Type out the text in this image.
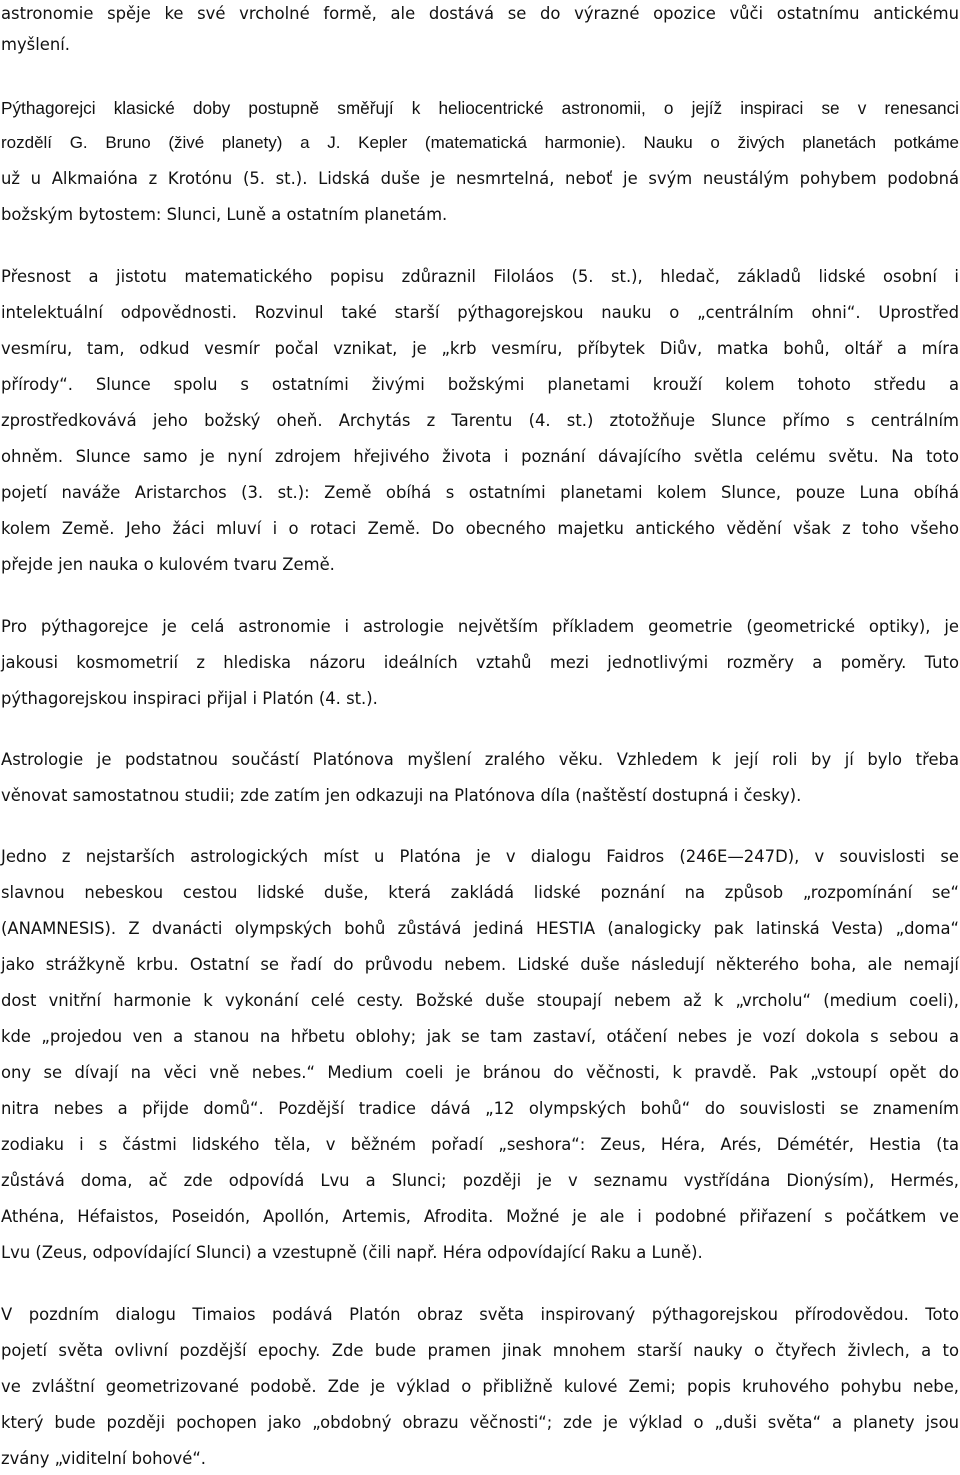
astronomie spěje ke své vrcholné formě, ale dostává se do výrazné opozice vůči ostatnímu antickému
myšlení.
Pýthagorejci klasické doby postupně směřují k heliocentrické astronomii, o jejíž inspiraci se v renesanci
rozdělí G. Bruno (živé planety) a J. Kepler (matematická harmonie). Nauku o živých planetách potkáme
už u Alkmaióna z Krotónu (5. st.). Lidská duše je nesmrtelná, neboť je svým neustálým pohybem podobná
božským bytostem: Slunci, Luně a ostatním planetám.
Přesnost a jistotu matematického popisu zdůraznil Filoláos (5. st.), hledač, základů lidské osobní i
intelektuální odpovědnosti. Rozvinul také starší pýthagorejskou nauku o „centrálním ohni“. Uprostřed
vesmíru, tam, odkud vesmír počal vznikat, je „krb vesmíru, příbytek Diův, matka bohů, oltář a míra
přírody“. Slunce spolu s ostatními živými božskými planetami krouží kolem tohoto středu a
zprostředkovává jeho božský oheň. Archytás z Tarentu (4. st.) ztotožňuje Slunce přímo s centrálním
ohněm. Slunce samo je nyní zdrojem hřejivého života i poznání dávajícího světla celému světu. Na toto
pojetí naváže Aristarchos (3. st.): Země obíhá s ostatními planetami kolem Slunce, pouze Luna obíhá
kolem Země. Jeho žáci mluví i o rotaci Země. Do obecného majetku antického vědění však z toho všeho
přejde jen nauka o kulovém tvaru Země.
Pro pýthagorejce je celá astronomie i astrologie největším příkladem geometrie (geometrické optiky), je
jakousi kosmometrií z hlediska názoru ideálních vztahů mezi jednotlivými rozměry a poměry. Tuto
pýthagorejskou inspiraci přijal i Platón (4. st.).
Astrologie je podstatnou součástí Platónova myšlení zralého věku. Vzhledem k její roli by jí bylo třeba
věnovat samostatnou studii; zde zatím jen odkazuji na Platónova díla (naštěstí dostupná i česky).
Jedno z nejstarších astrologických míst u Platóna je v dialogu Faidros (246E—247D), v souvislosti se
slavnou nebeskou cestou lidské duše, která zakládá lidské poznání na způsob „rozpomínání se“
(ANAMNESIS). Z dvanácti olympských bohů zůstává jediná HESTIA (analogicky pak latinská Vesta) „doma“
jako strážkyně krbu. Ostatní se řadí do průvodu nebem. Lidské duše následují některého boha, ale nemají
dost vnitřní harmonie k vykonání celé cesty. Božské duše stoupají nebem až k „vrcholu“ (medium coeli),
kde „projedou ven a stanou na hřbetu oblohy; jak se tam zastaví, otáčení nebes je vozí dokola s sebou a
ony se dívají na věci vně nebes.“ Medium coeli je bránou do věčnosti, k pravdě. Pak „vstoupí opět do
nitra nebes a přijde domů“. Pozdější tradice dává „12 olympských bohů“ do souvislosti se znamením
zodiaku i s částmi lidského těla, v běžném pořadí „seshora“: Zeus, Héra, Arés, Démétér, Hestia (ta
zůstává doma, ač zde odpovídá Lvu a Slunci; později je v seznamu vystřídána Dionýsím), Hermés,
Athéna, Héfaistos, Poseidón, Apollón, Artemis, Afrodita. Možné je ale i podobné přiřazení s počátkem ve
Lvu (Zeus, odpovídající Slunci) a vzestupně (čili např. Héra odpovídající Raku a Luně).
V pozdním dialogu Timaios podává Platón obraz světa inspirovaný pýthagorejskou přírodovědou. Toto
pojetí světa ovlivní pozdější epochy. Zde bude pramen jinak mnohem starší nauky o čtyřech živlech, a to
ve zvláštní geometrizované podobě. Zde je výklad o přibližně kulové Zemi; popis kruhového pohybu nebe,
který bude později pochopen jako „obdobný obrazu věčnosti“; zde je výklad o „duši světa“ a planety jsou
zvány „viditelní bohové“.
